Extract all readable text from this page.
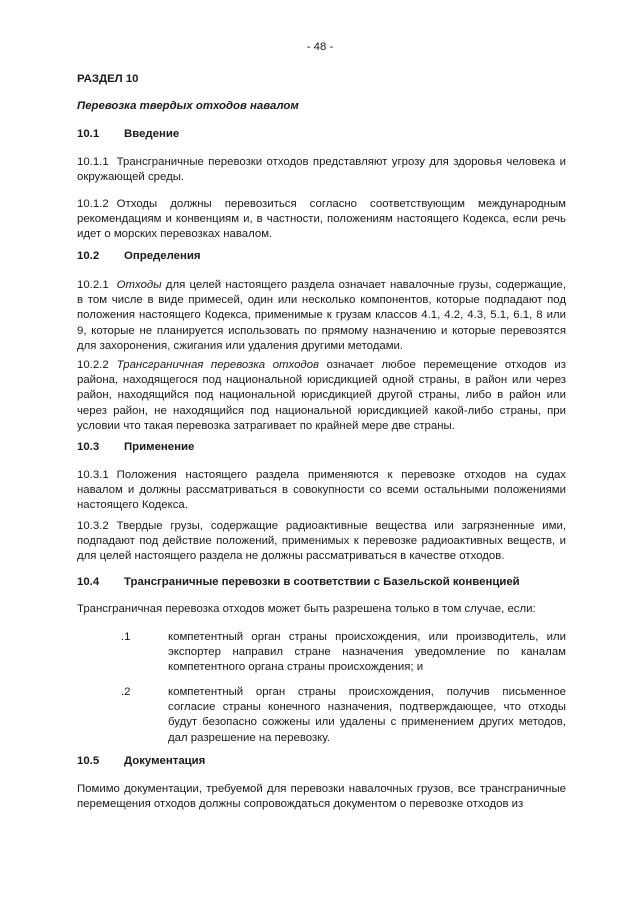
- 48 -
РАЗДЕЛ 10
Перевозка твердых отходов навалом
10.1 Введение
10.1.1 Трансграничные перевозки отходов представляют угрозу для здоровья человека и окружающей среды.
10.1.2 Отходы должны перевозиться согласно соответствующим международным рекомендациям и конвенциям и, в частности, положениям настоящего Кодекса, если речь идет о морских перевозках навалом.
10.2 Определения
10.2.1 Отходы для целей настоящего раздела означает навалочные грузы, содержащие, в том числе в виде примесей, один или несколько компонентов, которые подпадают под положения настоящего Кодекса, применимые к грузам классов 4.1, 4.2, 4.3, 5.1, 6.1, 8 или 9, которые не планируется использовать по прямому назначению и которые перевозятся для захоронения, сжигания или удаления другими методами.
10.2.2 Трансграничная перевозка отходов означает любое перемещение отходов из района, находящегося под национальной юрисдикцией одной страны, в район или через район, находящийся под национальной юрисдикцией другой страны, либо в район или через район, не находящийся под национальной юрисдикцией какой-либо страны, при условии что такая перевозка затрагивает по крайней мере две страны.
10.3 Применение
10.3.1 Положения настоящего раздела применяются к перевозке отходов на судах навалом и должны рассматриваться в совокупности со всеми остальными положениями настоящего Кодекса.
10.3.2 Твердые грузы, содержащие радиоактивные вещества или загрязненные ими, подпадают под действие положений, применимых к перевозке радиоактивных веществ, и для целей настоящего раздела не должны рассматриваться в качестве отходов.
10.4 Трансграничные перевозки в соответствии с Базельской конвенцией
Трансграничная перевозка отходов может быть разрешена только в том случае, если:
.1	компетентный орган страны происхождения, или производитель, или экспортер направил стране назначения уведомление по каналам компетентного органа страны происхождения; и
.2	компетентный орган страны происхождения, получив письменное согласие страны конечного назначения, подтверждающее, что отходы будут безопасно сожжены или удалены с применением других методов, дал разрешение на перевозку.
10.5 Документация
Помимо документации, требуемой для перевозки навалочных грузов, все трансграничные перемещения отходов должны сопровождаться документом о перевозке отходов из
